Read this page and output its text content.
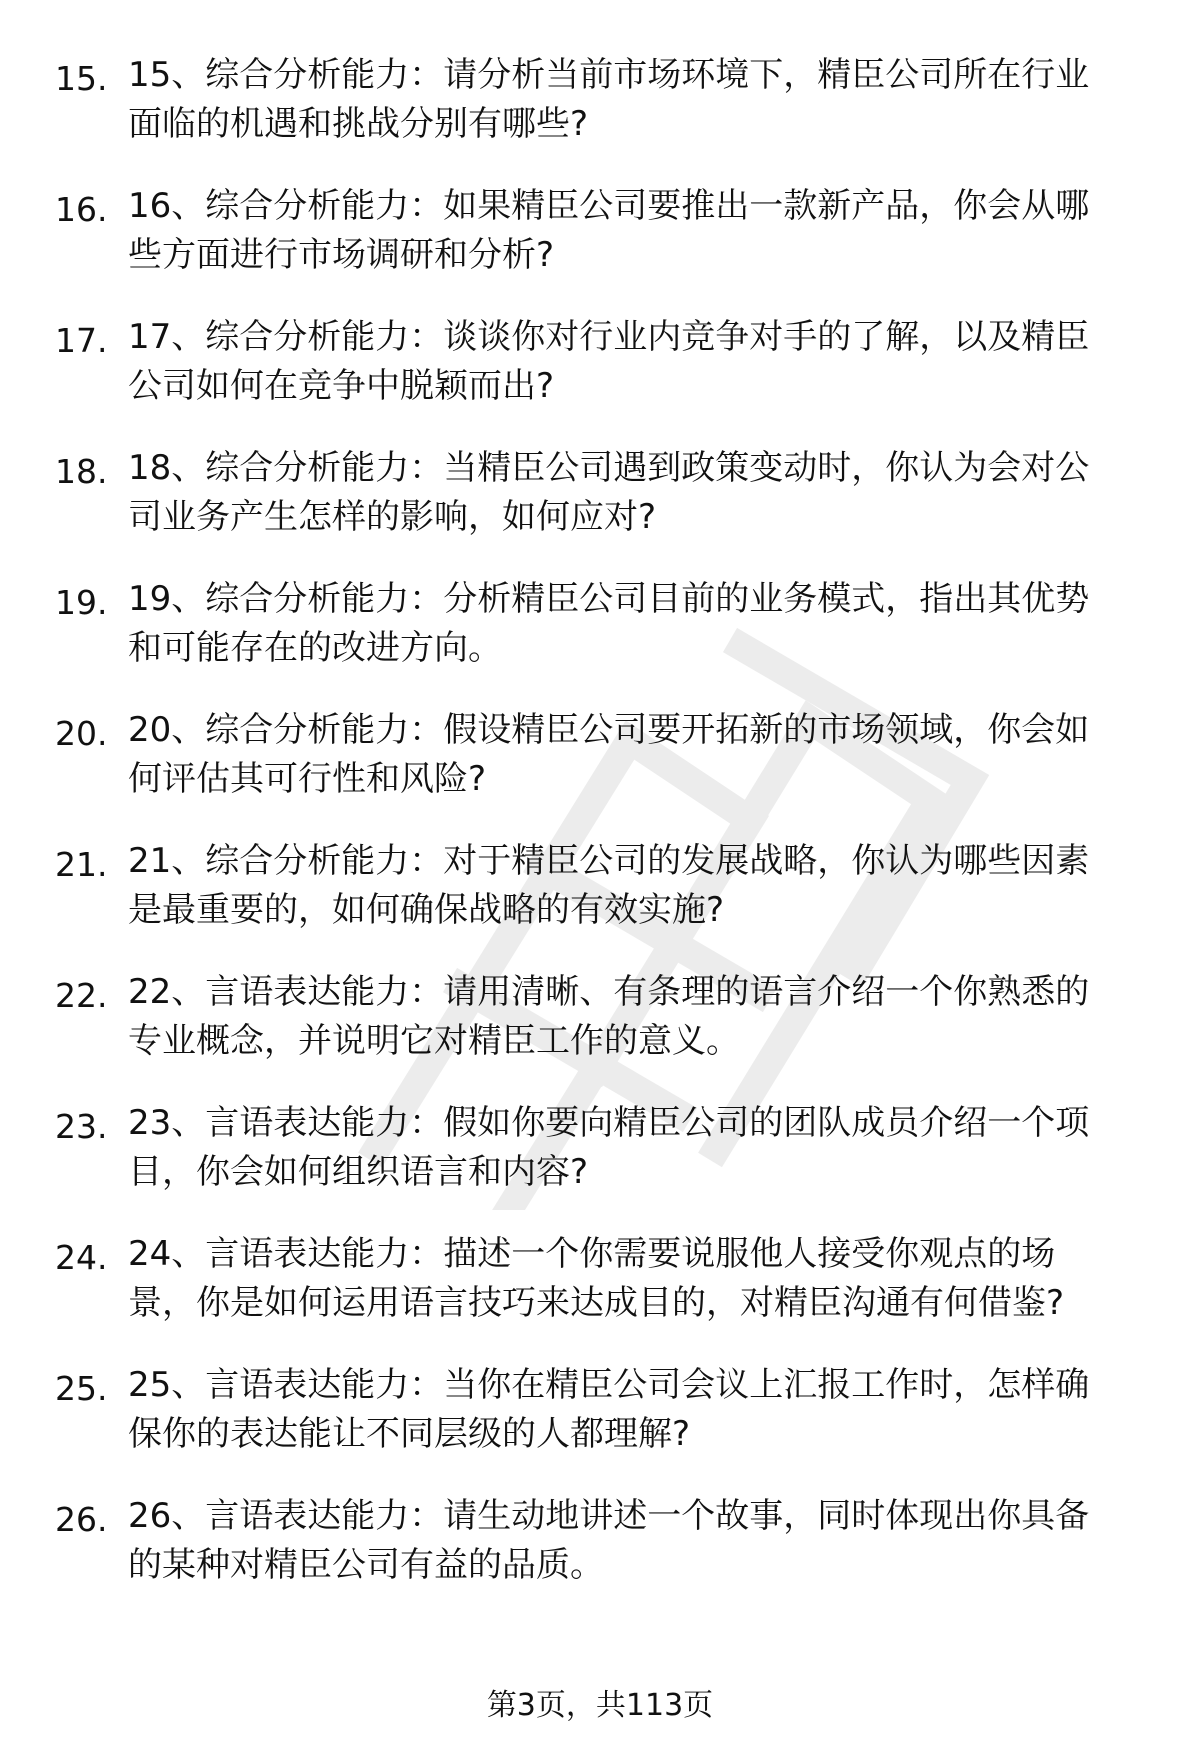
15. 15、综合分析能力：请分析当前市场环境下，精臣公司所在行业
面临的机遇和挑战分别有哪些?
16. 16、综合分析能力：如果精臣公司要推出一款新产品，你会从哪
些方面进行市场调研和分析?
17. 17、综合分析能力：谈谈你对行业内竞争对手的了解，以及精臣
公司如何在竞争中脱颖而出?
18. 18、综合分析能力：当精臣公司遇到政策变动时，你认为会对公
司业务产生怎样的影响，如何应对?
19. 19、综合分析能力：分析精臣公司目前的业务模式，指出其优势
和可能存在的改进方向。
20. 20、综合分析能力：假设精臣公司要开拓新的市场领域，你会如
何评估其可行性和风险?
21. 21、综合分析能力：对于精臣公司的发展战略，你认为哪些因素
是最重要的，如何确保战略的有效实施?
22. 22、言语表达能力：请用清晰、有条理的语言介绍一个你熟悉的
专业概念，并说明它对精臣工作的意义。
23. 23、言语表达能力：假如你要向精臣公司的团队成员介绍一个项
目，你会如何组织语言和内容?
24. 24、言语表达能力：描述一个你需要说服他人接受你观点的场
景，你是如何运用语言技巧来达成目的，对精臣沟通有何借鉴?
25. 25、言语表达能力：当你在精臣公司会议上汇报工作时，怎样确
保你的表达能让不同层级的人都理解?
26. 26、言语表达能力：请生动地讲述一个故事，同时体现出你具备
的某种对精臣公司有益的品质。
第3页，共113页
